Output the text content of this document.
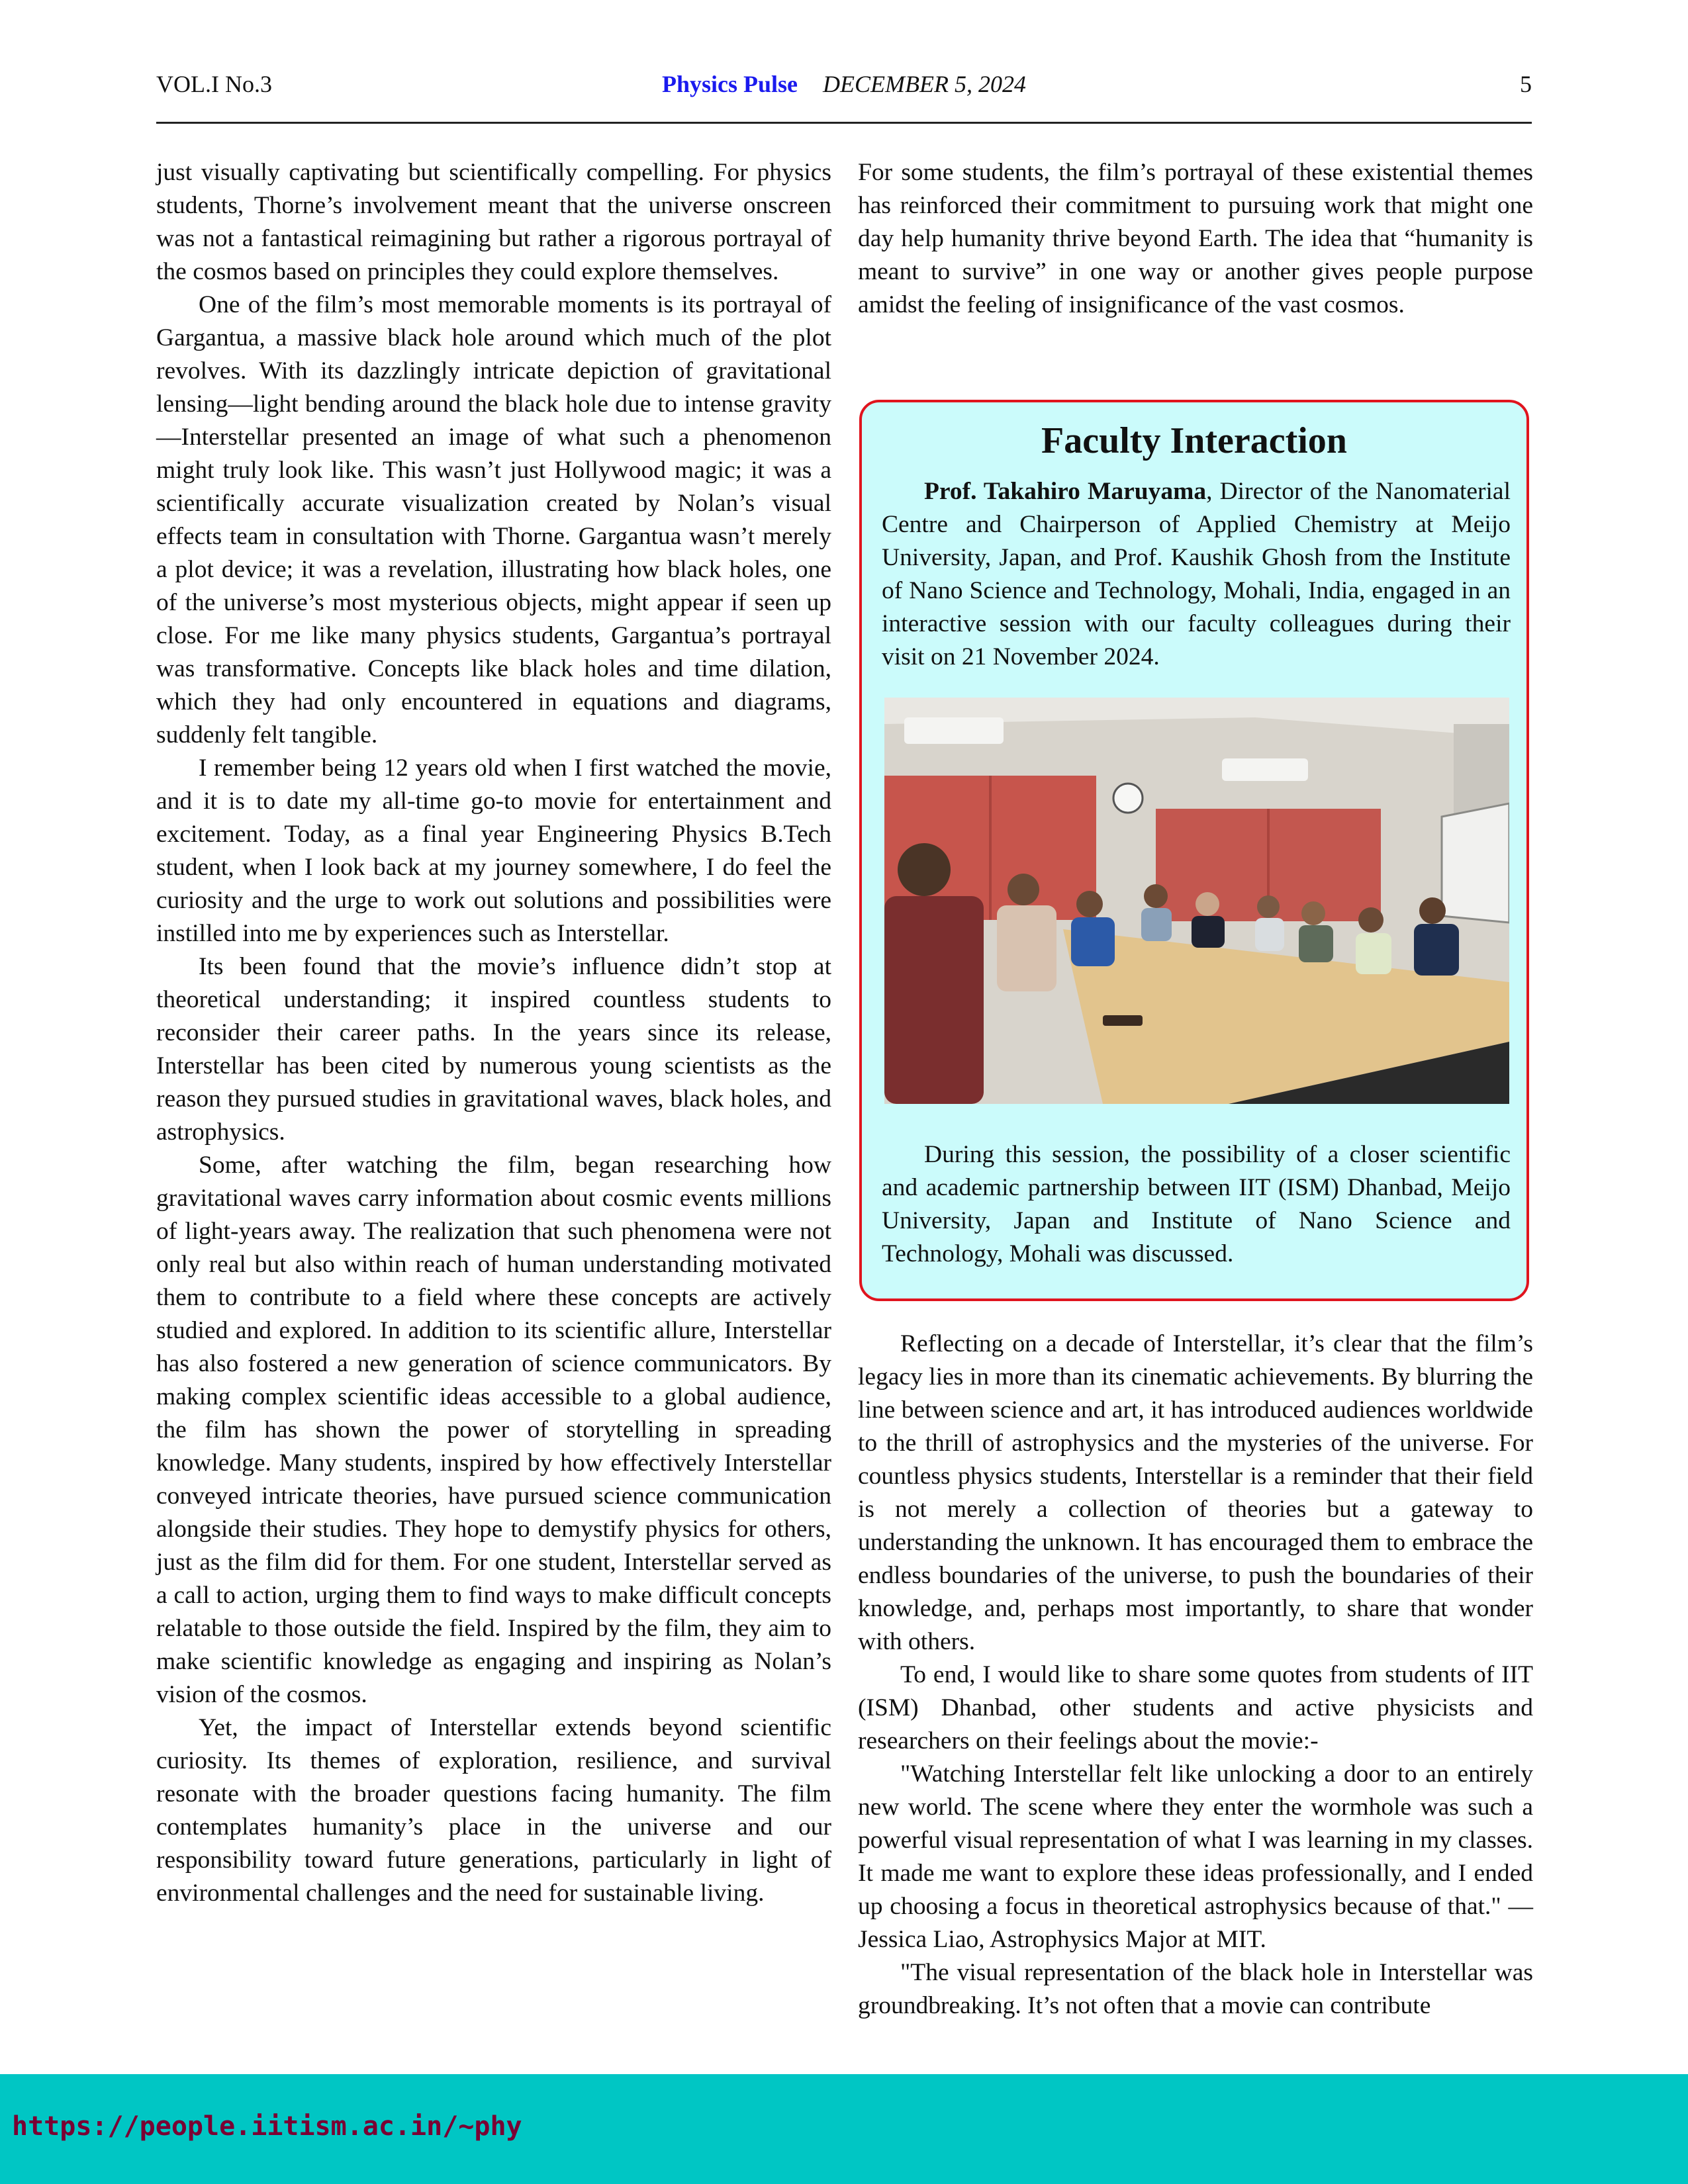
VOL.I No.3	Physics Pulse DECEMBER 5, 2024	5

just visually captivating but scientifically compelling. For physics students, Thorne’s involvement meant that the universe onscreen was not a fantastical reimagining but rather a rigorous portrayal of the cosmos based on principles they could explore themselves.

One of the film’s most memorable moments is its portrayal of Gargantua, a massive black hole around which much of the plot revolves. With its dazzlingly intricate depiction of gravitational lensing—light bending around the black hole due to intense gravity—Interstellar presented an image of what such a phenomenon might truly look like. This wasn’t just Hollywood magic; it was a scientifically accurate visualization created by Nolan’s visual effects team in consultation with Thorne. Gargantua wasn’t merely a plot device; it was a revelation, illustrating how black holes, one of the universe’s most mysterious objects, might appear if seen up close. For me like many physics students, Gargantua’s portrayal was transformative. Concepts like black holes and time dilation, which they had only encountered in equations and diagrams, suddenly felt tangible.

I remember being 12 years old when I first watched the movie, and it is to date my all-time go-to movie for entertainment and excitement. Today, as a final year Engineering Physics B.Tech student, when I look back at my journey somewhere, I do feel the curiosity and the urge to work out solutions and possibilities were instilled into me by experiences such as Interstellar.

Its been found that the movie’s influence didn’t stop at theoretical understanding; it inspired countless students to reconsider their career paths. In the years since its release, Interstellar has been cited by numerous young scientists as the reason they pursued studies in gravitational waves, black holes, and astrophysics.

Some, after watching the film, began researching how gravitational waves carry information about cosmic events millions of light-years away. The realization that such phenomena were not only real but also within reach of human understanding motivated them to contribute to a field where these concepts are actively studied and explored. In addition to its scientific allure, Interstellar has also fostered a new generation of science communicators. By making complex scientific ideas accessible to a global audience, the film has shown the power of storytelling in spreading knowledge. Many students, inspired by how effectively Interstellar conveyed intricate theories, have pursued science communication alongside their studies. They hope to demystify physics for others, just as the film did for them. For one student, Interstellar served as a call to action, urging them to find ways to make difficult concepts relatable to those outside the field. Inspired by the film, they aim to make scientific knowledge as engaging and inspiring as Nolan’s vision of the cosmos.

Yet, the impact of Interstellar extends beyond scientific curiosity. Its themes of exploration, resilience, and survival resonate with the broader questions facing humanity. The film contemplates humanity’s place in the universe and our responsibility toward future generations, particularly in light of environmental challenges and the need for sustainable living.

For some students, the film’s portrayal of these existential themes has reinforced their commitment to pursuing work that might one day help humanity thrive beyond Earth. The idea that “humanity is meant to survive” in one way or another gives people purpose amidst the feeling of insignificance of the vast cosmos.

Faculty Interaction
Prof. Takahiro Maruyama, Director of the Nanomaterial Centre and Chairperson of Applied Chemistry at Meijo University, Japan, and Prof. Kaushik Ghosh from the Institute of Nano Science and Technology, Mohali, India, engaged in an interactive session with our faculty colleagues during their visit on 21 November 2024.
During this session, the possibility of a closer scientific and academic partnership between IIT (ISM) Dhanbad, Meijo University, Japan and Institute of Nano Science and Technology, Mohali was discussed.

Reflecting on a decade of Interstellar, it’s clear that the film’s legacy lies in more than its cinematic achievements. By blurring the line between science and art, it has introduced audiences worldwide to the thrill of astrophysics and the mysteries of the universe. For countless physics students, Interstellar is a reminder that their field is not merely a collection of theories but a gateway to understanding the unknown. It has encouraged them to embrace the endless boundaries of the universe, to push the boundaries of their knowledge, and, perhaps most importantly, to share that wonder with others.

To end, I would like to share some quotes from students of IIT (ISM) Dhanbad, other students and active physicists and researchers on their feelings about the movie:-

"Watching Interstellar felt like unlocking a door to an entirely new world. The scene where they enter the wormhole was such a powerful visual representation of what I was learning in my classes. It made me want to explore these ideas professionally, and I ended up choosing a focus in theoretical astrophysics because of that." — Jessica Liao, Astrophysics Major at MIT.

"The visual representation of the black hole in Interstellar was groundbreaking. It’s not often that a movie can contribute

https://people.iitism.ac.in/~phy
